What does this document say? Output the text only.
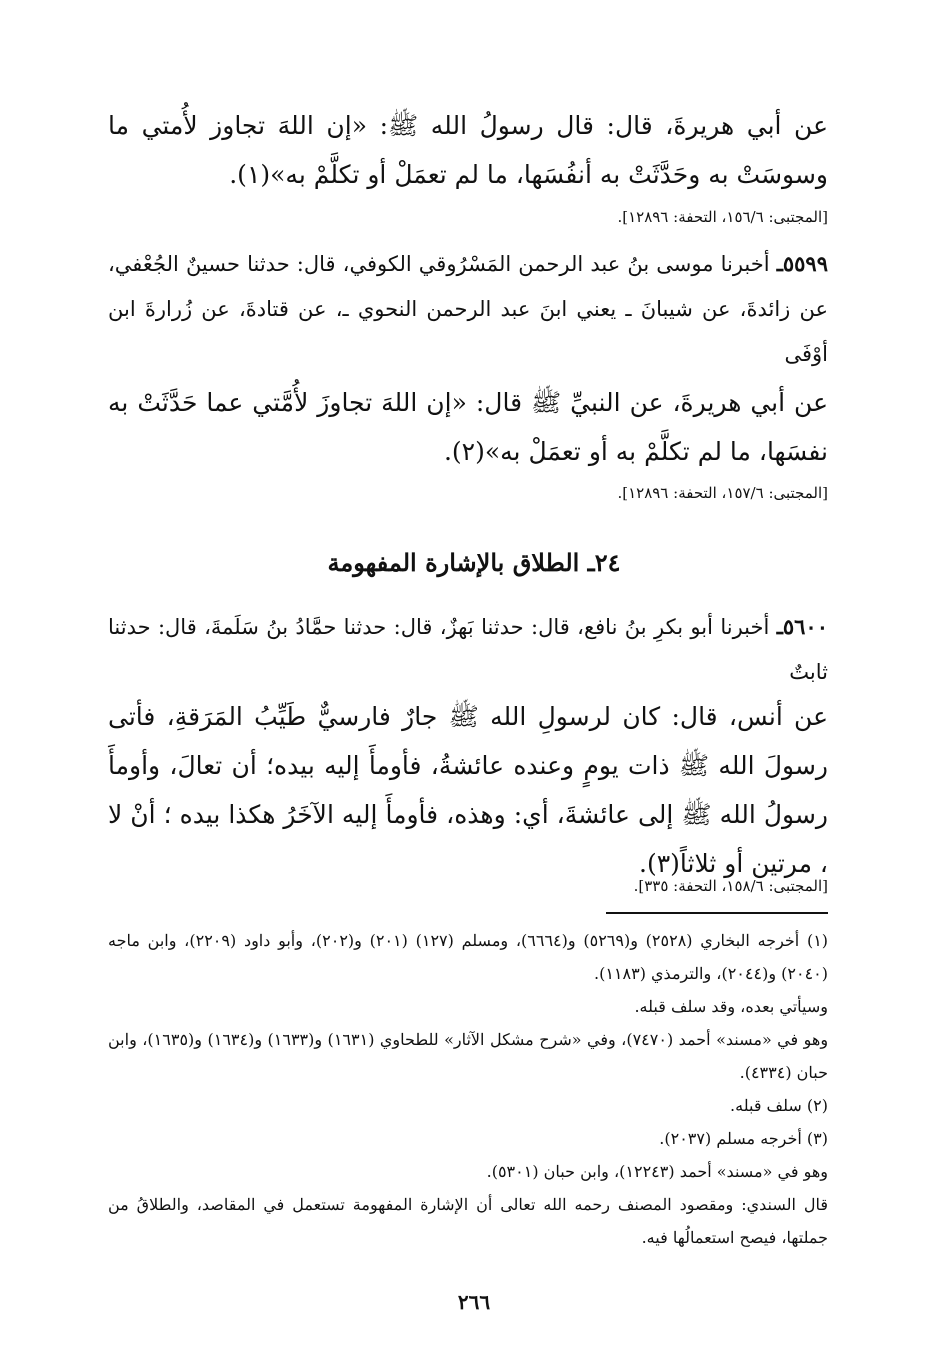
عن أبي هريرةَ، قال: قال رسولُ الله ﷺ: «إن اللهَ تجاوز لأُمتي ما وسوسَتْ به وحَدَّثَتْ به أنفُسَها، ما لم تعمَلْ أو تكلَّمْ به»(١).

[المجتبى: ١٥٦/٦، التحفة: ١٢٨٩٦].

٥٥٩٩ـ أخبرنا موسى بنُ عبد الرحمن المَسْرُوقي الكوفي، قال: حدثنا حسينٌ الجُعْفي، عن زائدةَ، عن شيبانَ ـ يعني ابنَ عبد الرحمن النحوي ـ، عن قتادةَ، عن زُرارةَ ابن أوْفَى

عن أبي هريرةَ، عن النبيِّ ﷺ قال: «إن اللهَ تجاوزَ لأُمَّتي عما حَدَّثَتْ به نفسَها، ما لم تكلَّمْ به أو تعمَلْ به»(٢).

[المجتبى: ١٥٧/٦، التحفة: ١٢٨٩٦].

٢٤ـ الطلاق بالإشارة المفهومة

٥٦٠٠ـ أخبرنا أبو بكرِ بنُ نافع، قال: حدثنا بَهزٌ، قال: حدثنا حمَّادُ بنُ سَلَمةَ، قال: حدثنا ثابتٌ

عن أنس، قال: كان لرسولِ الله ﷺ جارٌ فارسيٌّ طَيِّبُ المَرَقةِ، فأتى رسولَ الله ﷺ ذات يومٍ وعنده عائشةُ، فأومأَ إليه بيده؛ أن تعالَ، وأومأَ رسولُ الله ﷺ إلى عائشةَ، أي: وهذه، فأومأَ إليه الآخَرُ هكذا بيده ؛ أنْ لا ، مرتين أو ثلاثاً(٣).

[المجتبى: ١٥٨/٦، التحفة: ٣٣٥].

(١) أخرجه البخاري (٢٥٢٨) و(٥٢٦٩) و(٦٦٦٤)، ومسلم (١٢٧) (٢٠١) و(٢٠٢)، وأبو داود (٢٢٠٩)، وابن ماجه (٢٠٤٠) و(٢٠٤٤)، والترمذي (١١٨٣).

وسيأتي بعده، وقد سلف قبله.

وهو في «مسند» أحمد (٧٤٧٠)، وفي «شرح مشكل الآثار» للطحاوي (١٦٣١) و(١٦٣٣) و(١٦٣٤) و(١٦٣٥)، وابن حبان (٤٣٣٤).

(٢) سلف قبله.

(٣) أخرجه مسلم (٢٠٣٧).

وهو في «مسند» أحمد (١٢٢٤٣)، وابن حبان (٥٣٠١).

قال السندي: ومقصود المصنف رحمه الله تعالى أن الإشارة المفهومة تستعمل في المقاصد، والطلاقُ من جملتها، فيصح استعمالُها فيه.

٢٦٦
